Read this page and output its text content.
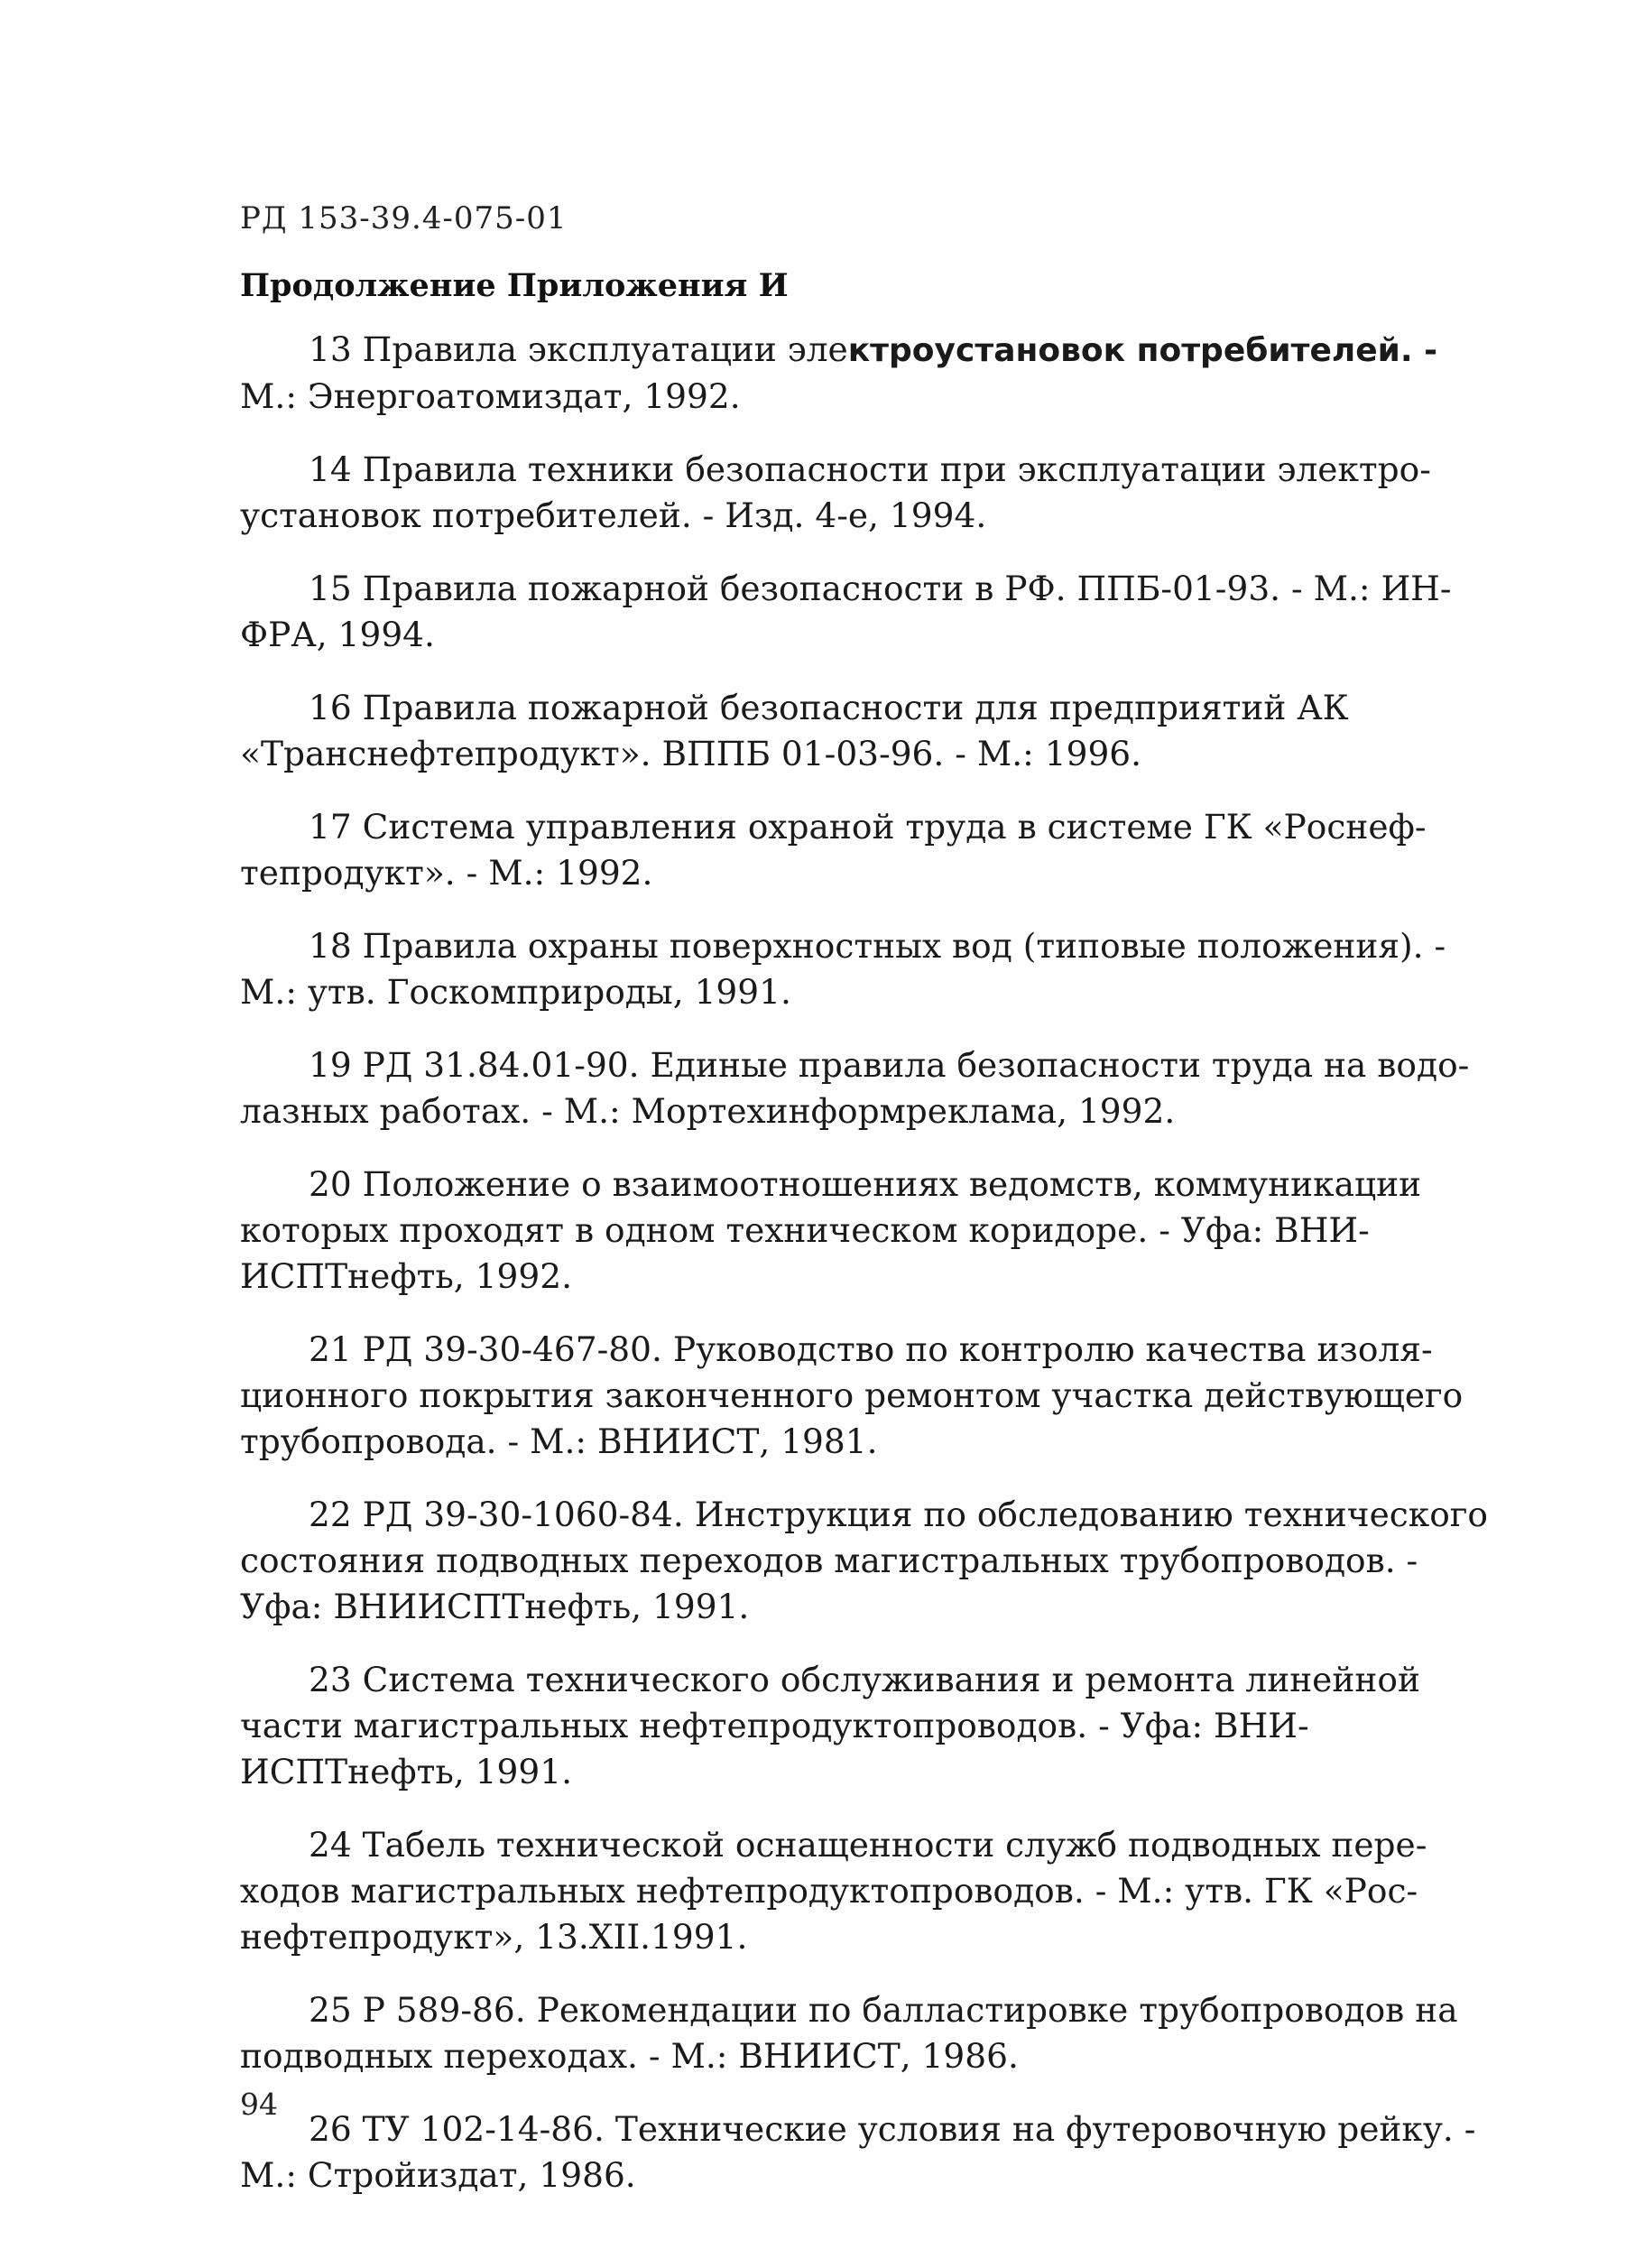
РД 153-39.4-075-01
Продолжение Приложения И
13 Правила эксплуатации электроустановок потребителей. -
М.: Энергоатомиздат, 1992.
14 Правила техники безопасности при эксплуатации электро-
установок потребителей. - Изд. 4-е, 1994.
15 Правила пожарной безопасности в РФ. ППБ-01-93. - М.: ИН-
ФРА, 1994.
16 Правила пожарной безопасности для предприятий АК
«Транснефтепродукт». ВППБ 01-03-96. - М.: 1996.
17 Система управления охраной труда в системе ГК «Роснеф-
тепродукт». - М.: 1992.
18 Правила охраны поверхностных вод (типовые положения). -
М.: утв. Госкомприроды, 1991.
19 РД 31.84.01-90. Единые правила безопасности труда на водо-
лазных работах. - М.: Мортехинформреклама, 1992.
20 Положение о взаимоотношениях ведомств, коммуникации
которых проходят в одном техническом коридоре. - Уфа: ВНИ-
ИСПТнефть, 1992.
21 РД 39-30-467-80. Руководство по контролю качества изоля-
ционного покрытия законченного ремонтом участка действующего
трубопровода. - М.: ВНИИСТ, 1981.
22 РД 39-30-1060-84. Инструкция по обследованию технического
состояния подводных переходов магистральных трубопроводов. -
Уфа: ВНИИСПТнефть, 1991.
23 Система технического обслуживания и ремонта линейной
части магистральных нефтепродуктопроводов. - Уфа: ВНИ-
ИСПТнефть, 1991.
24 Табель технической оснащенности служб подводных пере-
ходов магистральных нефтепродуктопроводов. - М.: утв. ГК «Рос-
нефтепродукт», 13.XII.1991.
25 Р 589-86. Рекомендации по балластировке трубопроводов на
подводных переходах. - М.: ВНИИСТ, 1986.
26 ТУ 102-14-86. Технические условия на футеровочную рейку. -
М.: Стройиздат, 1986.
94
